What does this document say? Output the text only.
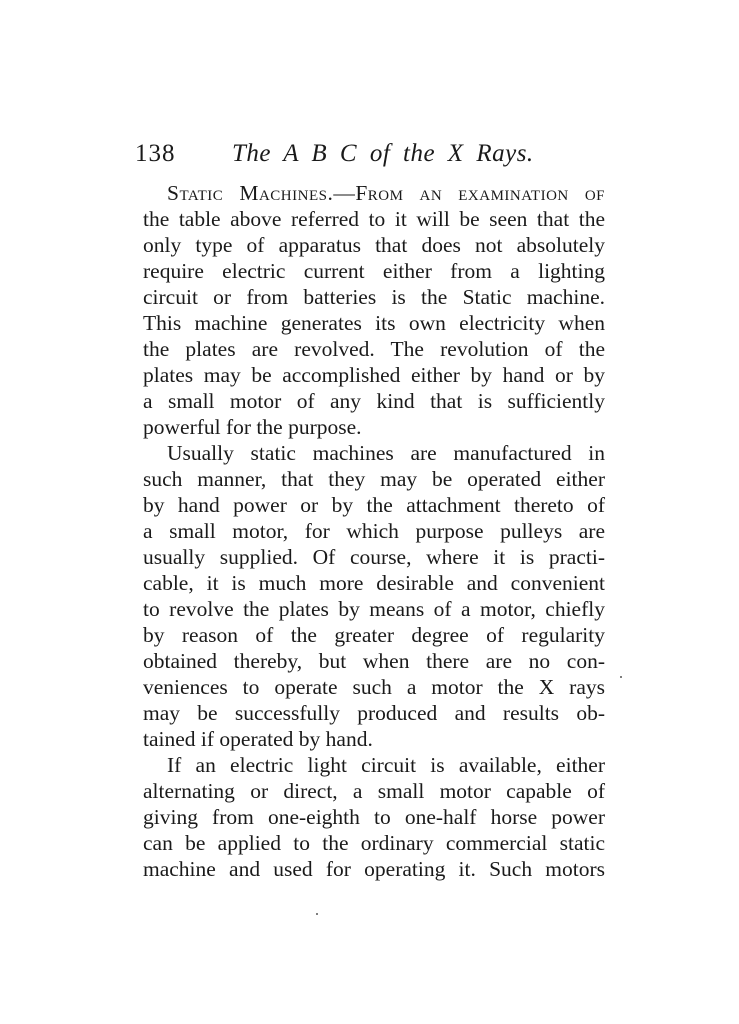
138 The A B C of the X Rays.
Static Machines.—From an examination of
the table above referred to it will be seen that the
only type of apparatus that does not absolutely
require electric current either from a lighting
circuit or from batteries is the Static machine.
This machine generates its own electricity when
the plates are revolved. The revolution of the
plates may be accomplished either by hand or by
a small motor of any kind that is sufficiently
powerful for the purpose.
Usually static machines are manufactured in
such manner, that they may be operated either
by hand power or by the attachment thereto of
a small motor, for which purpose pulleys are
usually supplied. Of course, where it is practi-
cable, it is much more desirable and convenient
to revolve the plates by means of a motor, chiefly
by reason of the greater degree of regularity
obtained thereby, but when there are no con-
veniences to operate such a motor the X rays
may be successfully produced and results ob-
tained if operated by hand.
If an electric light circuit is available, either
alternating or direct, a small motor capable of
giving from one-eighth to one-half horse power
can be applied to the ordinary commercial static
machine and used for operating it. Such motors
